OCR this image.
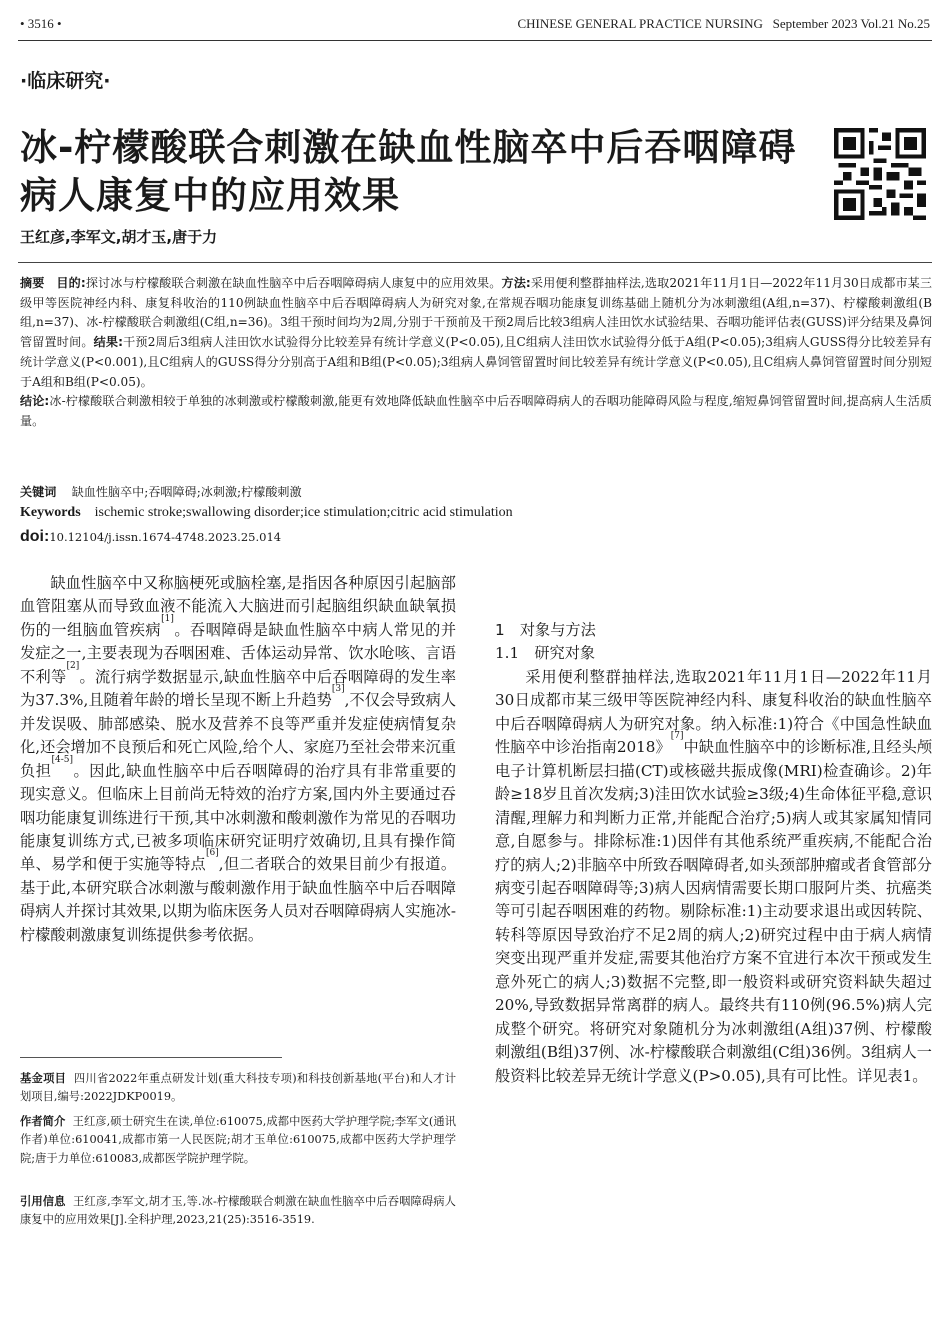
• 3516 •	CHINESE GENERAL PRACTICE NURSING September 2023 Vol.21 No.25
·临床研究·
冰-柠檬酸联合刺激在缺血性脑卒中后吞咽障碍病人康复中的应用效果
王红彦,李军文,胡才玉,唐于力
摘要 目的:探讨冰与柠檬酸联合刺激在缺血性脑卒中后吞咽障碍病人康复中的应用效果。方法:采用便利整群抽样法,选取2021年11月1日—2022年11月30日成都市某三级甲等医院神经内科、康复科收治的110例缺血性脑卒中后吞咽障碍病人为研究对象,在常规吞咽功能康复训练基础上随机分为冰刺激组(A组,n=37)、柠檬酸刺激组(B组,n=37)、冰-柠檬酸联合刺激组(C组,n=36)。3组干预时间均为2周,分别于干预前及干预2周后比较3组病人洼田饮水试验结果、吞咽功能评估表(GUSS)评分结果及鼻饲管留置时间。结果:干预2周后3组病人洼田饮水试验得分比较差异有统计学意义(P<0.05),且C组病人洼田饮水试验得分低于A组(P<0.05);3组病人GUSS得分比较差异有统计学意义(P<0.001),且C组病人的GUSS得分分别高于A组和B组(P<0.05);3组病人鼻饲管留置时间比较差异有统计学意义(P<0.05),且C组病人鼻饲管留置时间分别短于A组和B组(P<0.05)。
结论:冰-柠檬酸联合刺激相较于单独的冰刺激或柠檬酸刺激,能更有效地降低缺血性脑卒中后吞咽障碍病人的吞咽功能障碍风险与程度,缩短鼻饲管留置时间,提高病人生活质量。
关键词 缺血性脑卒中;吞咽障碍;冰刺激;柠檬酸刺激
Keywords ischemic stroke;swallowing disorder;ice stimulation;citric acid stimulation
doi:10.12104/j.issn.1674-4748.2023.25.014

缺血性脑卒中又称脑梗死或脑栓塞,是指因各种原因引起脑部血管阻塞从而导致血液不能流入大脑进而引起脑组织缺血缺氧损伤的一组脑血管疾病[1]。吞咽障碍是缺血性脑卒中病人常见的并发症之一,主要表现为吞咽困难、舌体运动异常、饮水呛咳、言语不利等[2]。流行病学数据显示,缺血性脑卒中后吞咽障碍的发生率为37.3%,且随着年龄的增长呈现不断上升趋势[3],不仅会导致病人并发误吸、肺部感染、脱水及营养不良等严重并发症使病情复杂化,还会增加不良预后和死亡风险,给个人、家庭乃至社会带来沉重负担[4-5]。因此,缺血性脑卒中后吞咽障碍的治疗具有非常重要的现实意义。但临床上目前尚无特效的治疗方案,国内外主要通过吞咽功能康复训练进行干预,其中冰刺激和酸刺激作为常见的吞咽功能康复训练方式,已被多项临床研究证明疗效确切,且具有操作简单、易学和便于实施等特点[6],但二者联合的效果目前少有报道。基于此,本研究联合冰刺激与酸刺激作用于缺血性脑卒中后吞咽障碍病人并探讨其效果,以期为临床医务人员对吞咽障碍病人实施冰-柠檬酸刺激康复训练提供参考依据。

1　对象与方法

1.1　研究对象

采用便利整群抽样法,选取2021年11月1日—2022年11月30日成都市某三级甲等医院神经内科、康复科收治的缺血性脑卒中后吞咽障碍病人为研究对象。纳入标准:1)符合《中国急性缺血性脑卒中诊治指南2018》[7]中缺血性脑卒中的诊断标准,且经头颅电子计算机断层扫描(CT)或核磁共振成像(MRI)检查确诊。2)年龄≥18岁且首次发病;3)洼田饮水试验≥3级;4)生命体征平稳,意识清醒,理解力和判断力正常,并能配合治疗;5)病人或其家属知情同意,自愿参与。排除标准:1)因伴有其他系统严重疾病,不能配合治疗的病人;2)非脑卒中所致吞咽障碍者,如头颈部肿瘤或者食管部分病变引起吞咽障碍等;3)病人因病情需要长期口服阿片类、抗癌类等可引起吞咽困难的药物。剔除标准:1)主动要求退出或因转院、转科等原因导致治疗不足2周的病人;2)研究过程中由于病人病情突变出现严重并发症,需要其他治疗方案不宜进行本次干预或发生意外死亡的病人;3)数据不完整,即一般资料或研究资料缺失超过20%,导致数据异常离群的病人。最终共有110例(96.5%)病人完成整个研究。将研究对象随机分为冰刺激组(A组)37例、柠檬酸刺激组(B组)37例、冰-柠檬酸联合刺激组(C组)36例。3组病人一般资料比较差异无统计学意义(P>0.05),具有可比性。详见表1。

基金项目 四川省2022年重点研发计划(重大科技专项)和科技创新基地(平台)和人才计划项目,编号:2022JDKP0019。
作者简介 王红彦,硕士研究生在读,单位:610075,成都中医药大学护理学院;李军文(通讯作者)单位:610041,成都市第一人民医院;胡才玉单位:610075,成都中医药大学护理学院;唐于力单位:610083,成都医学院护理学院。
引用信息 王红彦,李军文,胡才玉,等.冰-柠檬酸联合刺激在缺血性脑卒中后吞咽障碍病人康复中的应用效果[J].全科护理,2023,21(25):3516-3519.
